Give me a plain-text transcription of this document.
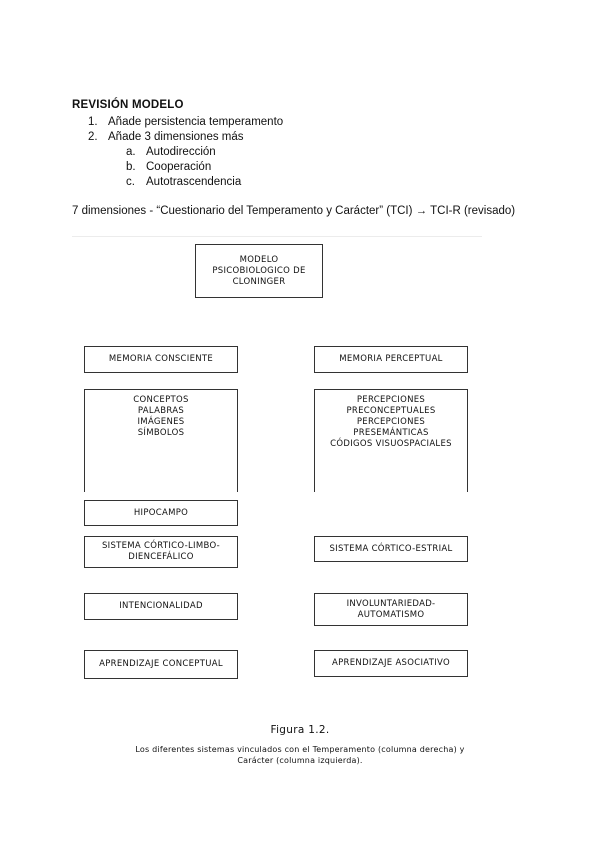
REVISIÓN MODELO
1. Añade persistencia temperamento
2. Añade 3 dimensiones más
a. Autodirección
b. Cooperación
c. Autotrascendencia
7 dimensiones - “Cuestionario del Temperamento y Carácter” (TCI) → TCI-R (revisado)
MODELO
PSICOBIOLOGICO DE
CLONINGER
MEMORIA CONSCIENTE
CONCEPTOS
PALABRAS
IMÁGENES
SÍMBOLOS
HIPOCAMPO
SISTEMA CÓRTICO-LIMBO-
DIENCEFÁLICO
INTENCIONALIDAD
APRENDIZAJE CONCEPTUAL
MEMORIA PERCEPTUAL
PERCEPCIONES
PRECONCEPTUALES
PERCEPCIONES
PRESEMÁNTICAS
CÓDIGOS VISUOSPACIALES
SISTEMA CÓRTICO-ESTRIAL
INVOLUNTARIEDAD-
AUTOMATISMO
APRENDIZAJE ASOCIATIVO
Figura 1.2.
Los diferentes sistemas vinculados con el Temperamento (columna derecha) y Carácter (columna izquierda).
